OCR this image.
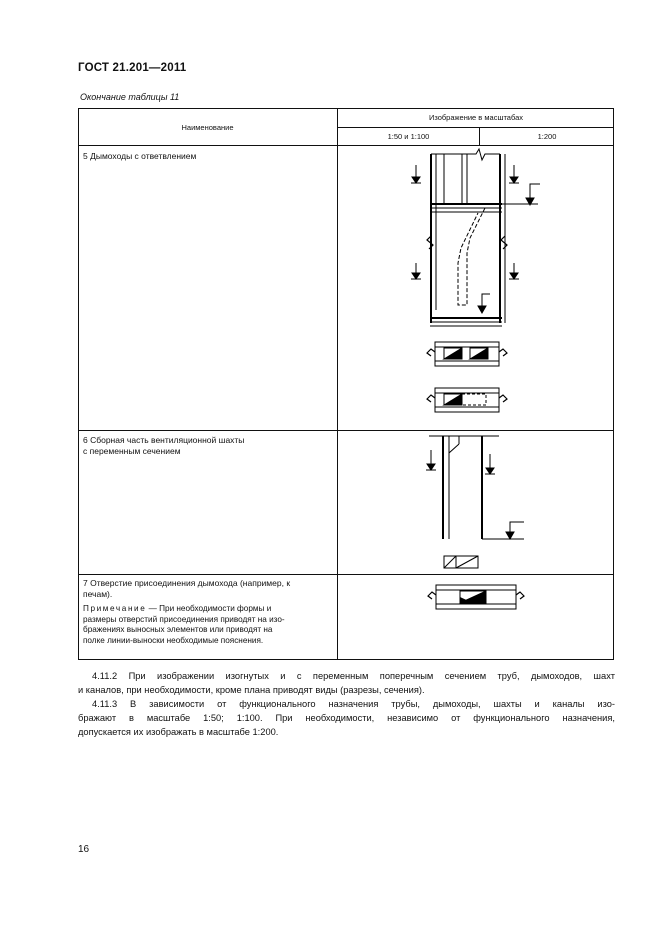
ГОСТ 21.201—2011
Окончание таблицы 11
Наименование
Изображение в масштабах
1:50 и 1:100	1:200
5 Дымоходы с ответвлением
6 Сборная часть вентиляционной шахты
с переменным сечением
7 Отверстие присоединения дымохода (например, к
печам).
Примечание — При необходимости формы и
размеры отверстий присоединения приводят на изо-
бражениях выносных элементов или приводят на
полке линии-выноски необходимые пояснения.
4.11.2 При изображении изогнутых и с переменным поперечным сечением труб, дымоходов, шахт
и каналов, при необходимости, кроме плана приводят виды (разрезы, сечения).
4.11.3 В зависимости от функционального назначения трубы, дымоходы, шахты и каналы изо-
бражают в масштабе 1:50; 1:100. При необходимости, независимо от функционального назначения,
допускается их изображать в масштабе 1:200.
16
